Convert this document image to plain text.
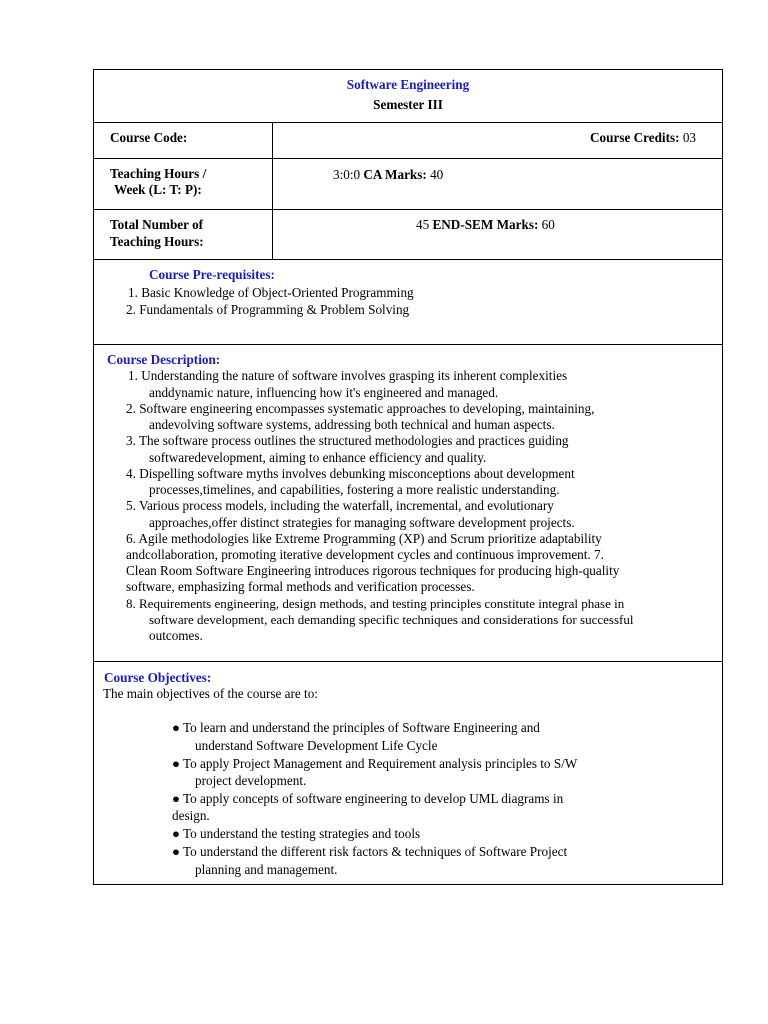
Software Engineering
Semester III
Course Code:	Course Credits: 03
Teaching Hours /
Week (L: T: P):
3:0:0 CA Marks: 40
Total Number of
Teaching Hours:
45 END-SEM Marks: 60
Course Pre-requisites:
1. Basic Knowledge of Object-Oriented Programming
2. Fundamentals of Programming & Problem Solving
Course Description:
1. Understanding the nature of software involves grasping its inherent complexities
anddynamic nature, influencing how it's engineered and managed.
2. Software engineering encompasses systematic approaches to developing, maintaining,
andevolving software systems, addressing both technical and human aspects.
3. The software process outlines the structured methodologies and practices guiding
softwaredevelopment, aiming to enhance efficiency and quality.
4. Dispelling software myths involves debunking misconceptions about development
processes,timelines, and capabilities, fostering a more realistic understanding.
5. Various process models, including the waterfall, incremental, and evolutionary
approaches,offer distinct strategies for managing software development projects.
6. Agile methodologies like Extreme Programming (XP) and Scrum prioritize adaptability
andcollaboration, promoting iterative development cycles and continuous improvement. 7.
Clean Room Software Engineering introduces rigorous techniques for producing high-quality
software, emphasizing formal methods and verification processes.
8. Requirements engineering, design methods, and testing principles constitute integral phase in
software development, each demanding specific techniques and considerations for successful
outcomes.
Course Objectives:
The main objectives of the course are to:
● To learn and understand the principles of Software Engineering and
understand Software Development Life Cycle
● To apply Project Management and Requirement analysis principles to S/W
project development.
● To apply concepts of software engineering to develop UML diagrams in
design.
● To understand the testing strategies and tools
● To understand the different risk factors & techniques of Software Project
planning and management.
